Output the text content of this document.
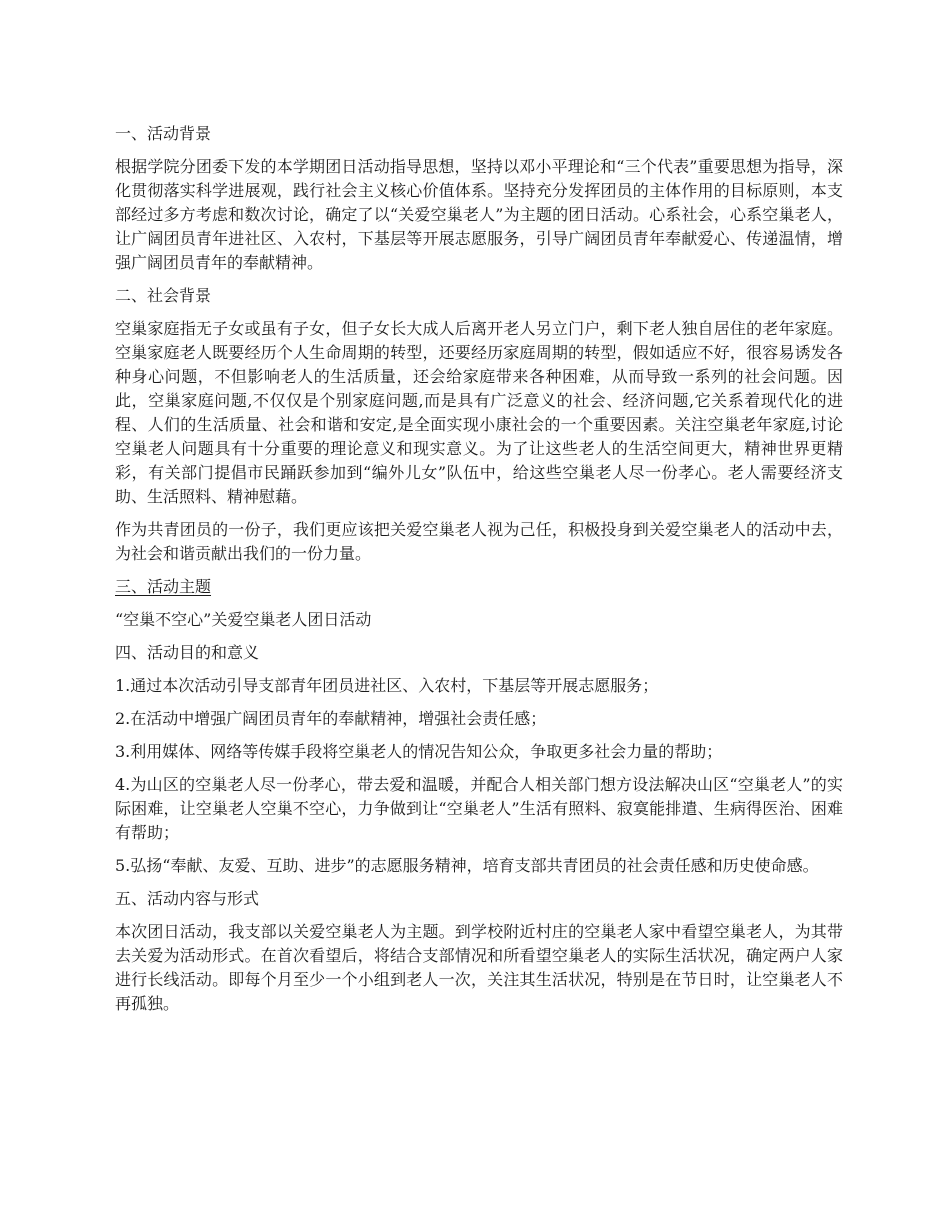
一、活动背景
根据学院分团委下发的本学期团日活动指导思想，坚持以邓小平理论和“三个代表”重要思想为指导，深化贯彻落实科学进展观，践行社会主义核心价值体系。坚持充分发挥团员的主体作用的目标原则，本支部经过多方考虑和数次讨论，确定了以“关爱空巢老人”为主题的团日活动。心系社会，心系空巢老人，让广阔团员青年进社区、入农村，下基层等开展志愿服务，引导广阔团员青年奉献爱心、传递温情，增强广阔团员青年的奉献精神。
二、社会背景
空巢家庭指无子女或虽有子女，但子女长大成人后离开老人另立门户，剩下老人独自居住的老年家庭。空巢家庭老人既要经历个人生命周期的转型，还要经历家庭周期的转型，假如适应不好，很容易诱发各种身心问题，不但影响老人的生活质量，还会给家庭带来各种困难，从而导致一系列的社会问题。因此，空巢家庭问题,不仅仅是个别家庭问题,而是具有广泛意义的社会、经济问题,它关系着现代化的进程、人们的生活质量、社会和谐和安定,是全面实现小康社会的一个重要因素。关注空巢老年家庭,讨论空巢老人问题具有十分重要的理论意义和现实意义。为了让这些老人的生活空间更大，精神世界更精彩，有关部门提倡市民踊跃参加到“编外儿女”队伍中，给这些空巢老人尽一份孝心。老人需要经济支助、生活照料、精神慰藉。
作为共青团员的一份子，我们更应该把关爱空巢老人视为己任，积极投身到关爱空巢老人的活动中去，为社会和谐贡献出我们的一份力量。
三、活动主题
“空巢不空心”关爱空巢老人团日活动
四、活动目的和意义
1.通过本次活动引导支部青年团员进社区、入农村，下基层等开展志愿服务；
2.在活动中增强广阔团员青年的奉献精神，增强社会责任感；
3.利用媒体、网络等传媒手段将空巢老人的情况告知公众，争取更多社会力量的帮助；
4.为山区的空巢老人尽一份孝心，带去爱和温暖，并配合人相关部门想方设法解决山区“空巢老人”的实际困难，让空巢老人空巢不空心，力争做到让“空巢老人”生活有照料、寂寞能排遣、生病得医治、困难有帮助；
5.弘扬“奉献、友爱、互助、进步”的志愿服务精神，培育支部共青团员的社会责任感和历史使命感。
五、活动内容与形式
本次团日活动，我支部以关爱空巢老人为主题。到学校附近村庄的空巢老人家中看望空巢老人，为其带去关爱为活动形式。在首次看望后，将结合支部情况和所看望空巢老人的实际生活状况，确定两户人家进行长线活动。即每个月至少一个小组到老人一次，关注其生活状况，特别是在节日时，让空巢老人不再孤独。
